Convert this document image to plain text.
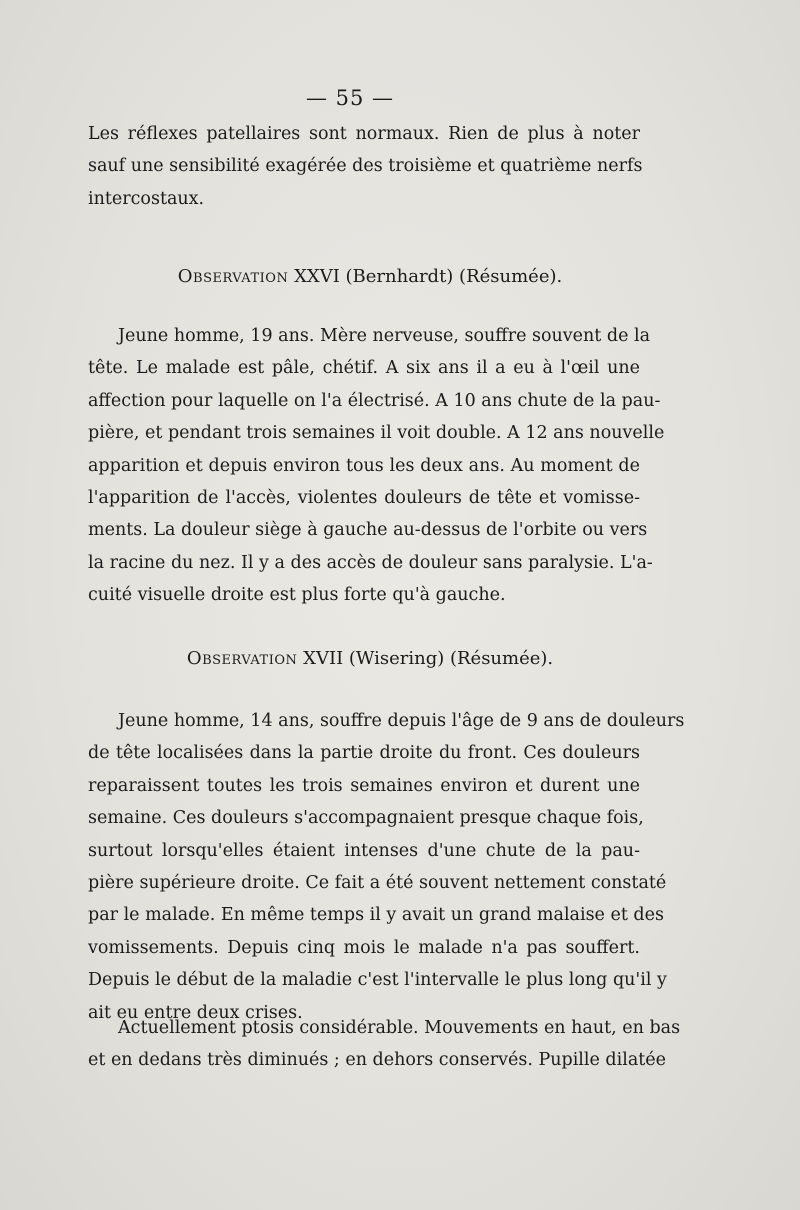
— 55 —
Les réflexes patellaires sont normaux. Rien de plus à noter
sauf une sensibilité exagérée des troisième et quatrième nerfs
intercostaux.
Observation XXVI (Bernhardt) (Résumée).
Jeune homme, 19 ans. Mère nerveuse, souffre souvent de la
tête. Le malade est pâle, chétif. A six ans il a eu à l'œil une
affection pour laquelle on l'a électrisé. A 10 ans chute de la pau-
pière, et pendant trois semaines il voit double. A 12 ans nouvelle
apparition et depuis environ tous les deux ans. Au moment de
l'apparition de l'accès, violentes douleurs de tête et vomisse-
ments. La douleur siège à gauche au-dessus de l'orbite ou vers
la racine du nez. Il y a des accès de douleur sans paralysie. L'a-
cuité visuelle droite est plus forte qu'à gauche.
Observation XVII (Wisering) (Résumée).
Jeune homme, 14 ans, souffre depuis l'âge de 9 ans de douleurs
de tête localisées dans la partie droite du front. Ces douleurs
reparaissent toutes les trois semaines environ et durent une
semaine. Ces douleurs s'accompagnaient presque chaque fois,
surtout lorsqu'elles étaient intenses d'une chute de la pau-
pière supérieure droite. Ce fait a été souvent nettement constaté
par le malade. En même temps il y avait un grand malaise et des
vomissements. Depuis cinq mois le malade n'a pas souffert.
Depuis le début de la maladie c'est l'intervalle le plus long qu'il y
ait eu entre deux crises.
Actuellement ptosis considérable. Mouvements en haut, en bas
et en dedans très diminués ; en dehors conservés. Pupille dilatée
